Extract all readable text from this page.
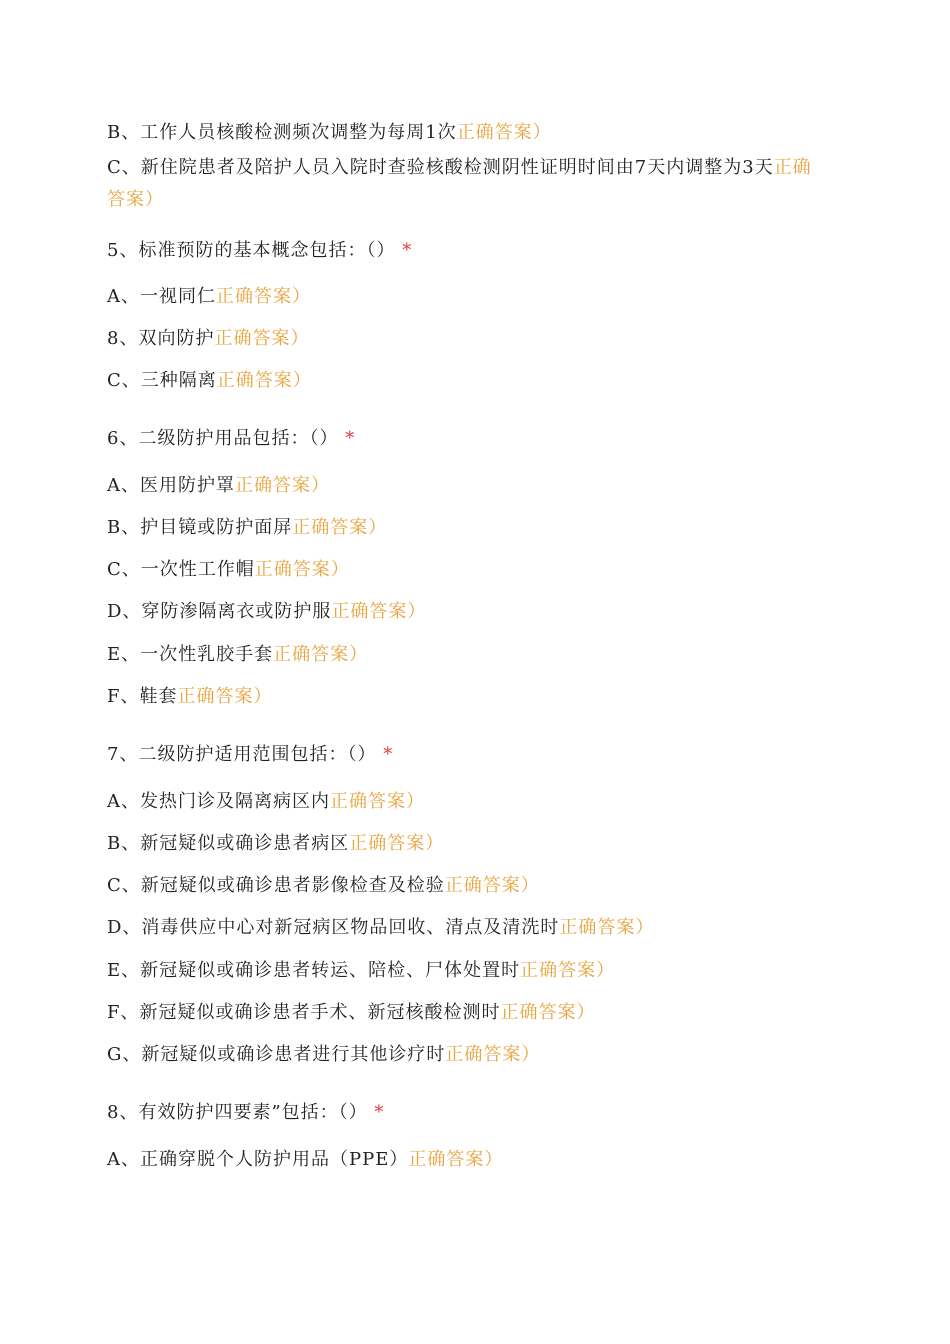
B、工作人员核酸检测频次调整为每周1次正确答案）
C、新住院患者及陪护人员入院时查验核酸检测阴性证明时间由7天内调整为3天正确答案）
5、标准预防的基本概念包括：（） *
A、一视同仁正确答案）
8、双向防护正确答案）
C、三种隔离正确答案）
6、二级防护用品包括：（） *
A、医用防护罩正确答案）
B、护目镜或防护面屏正确答案）
C、一次性工作帽正确答案）
D、穿防渗隔离衣或防护服正确答案）
E、一次性乳胶手套正确答案）
F、鞋套正确答案）
7、二级防护适用范围包括：（） *
A、发热门诊及隔离病区内正确答案）
B、新冠疑似或确诊患者病区正确答案）
C、新冠疑似或确诊患者影像检查及检验正确答案）
D、消毒供应中心对新冠病区物品回收、清点及清洗时正确答案）
E、新冠疑似或确诊患者转运、陪检、尸体处置时正确答案）
F、新冠疑似或确诊患者手术、新冠核酸检测时正确答案）
G、新冠疑似或确诊患者进行其他诊疗时正确答案）
8、有效防护四要素”包括：（） *
A、正确穿脱个人防护用品（PPE）正确答案）
